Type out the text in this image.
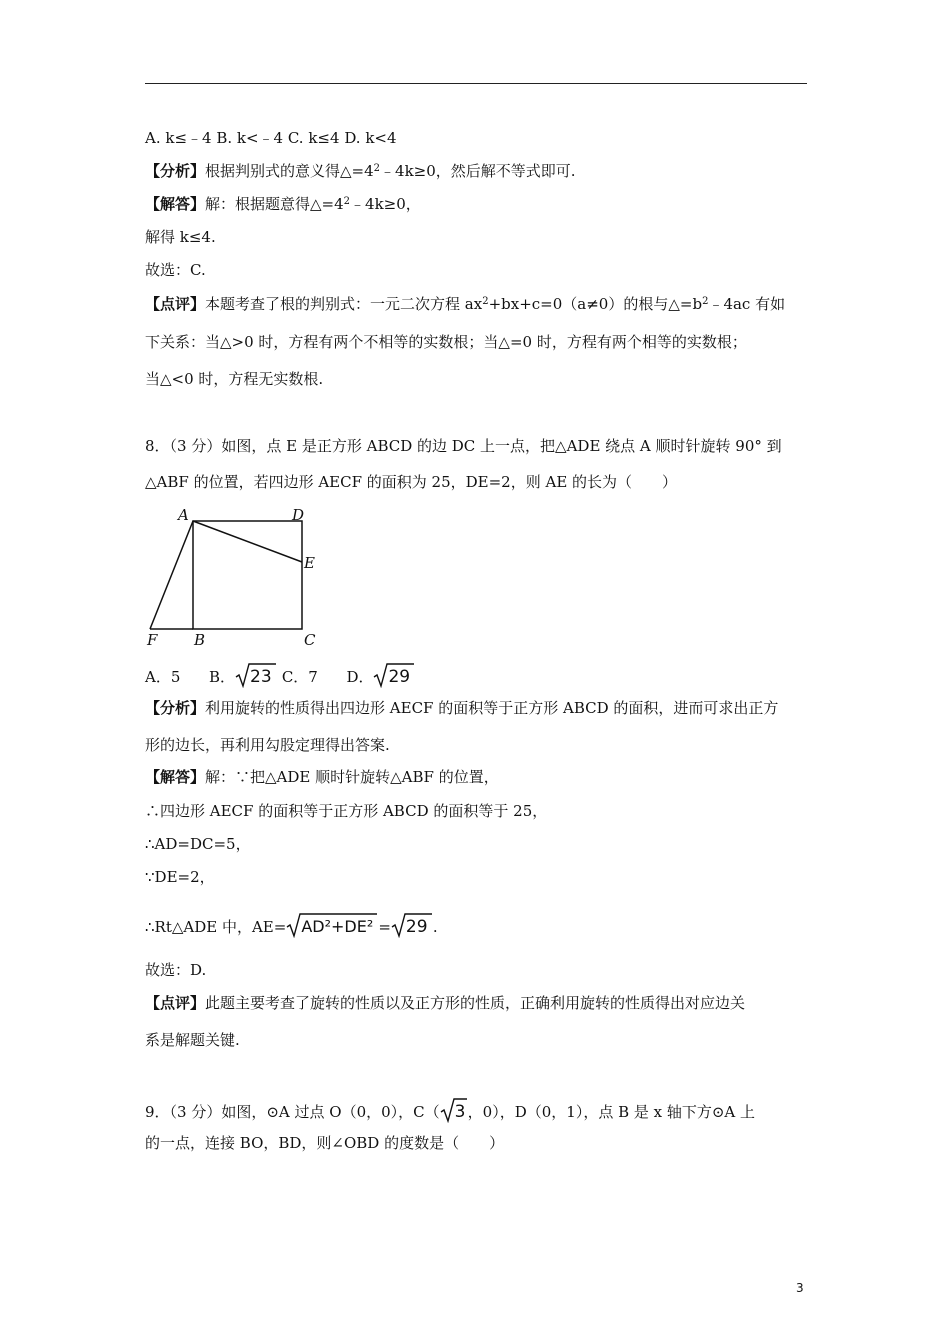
A. k≤﹣4 B. k<﹣4 C. k≤4 D. k<4
【分析】根据判别式的意义得$\triangle=4^2﹣4k\ge 0$，然后解不等式即可.
【解答】解：根据题意得$\triangle=4^2﹣4k\ge 0$，
解得 k≤4.
故选：C.
【点评】本题考查了根的判别式：一元二次方程 $ax^2+bx+c=0(a\ne 0)$的根与$\triangle=b^2﹣4ac$ 有如
下关系：当△>0 时，方程有两个不相等的实数根；当△=0 时，方程有两个相等的实数根；
当△<0 时，方程无实数根.
8．（3 分）如图，点 E 是正方形 ABCD 的边 DC 上一点，把△ADE 绕点 A 顺时针旋转 90° 到
△ABF 的位置，若四边形 AECF 的面积为 25，DE=2，则 AE 的长为（　　）
A	D
E
F B	C
A．5 B． 23 C．7 D． 29
【分析】利用旋转的性质得出四边形 AECF 的面积等于正方形 ABCD 的面积，进而可求出正方
形的边长，再利用勾股定理得出答案.
【解答】解：∵把△ADE 顺时针旋转△ABF 的位置，
∴四边形 AECF 的面积等于正方形 ABCD 的面积等于 25，
∴AD=DC=5，
∵DE=2，
∴Rt△ADE 中，AE= AD²+DE² = 29 .
故选：D.
【点评】此题主要考查了旋转的性质以及正方形的性质，正确利用旋转的性质得出对应边关
系是解题关键.
9．（3 分）如图，⊙A 过点 O（0，0），C（ 3 ，0），D（0，1），点 B 是 x 轴下方⊙A 上
的一点，连接 BO，BD，则∠OBD 的度数是（　　）
3
